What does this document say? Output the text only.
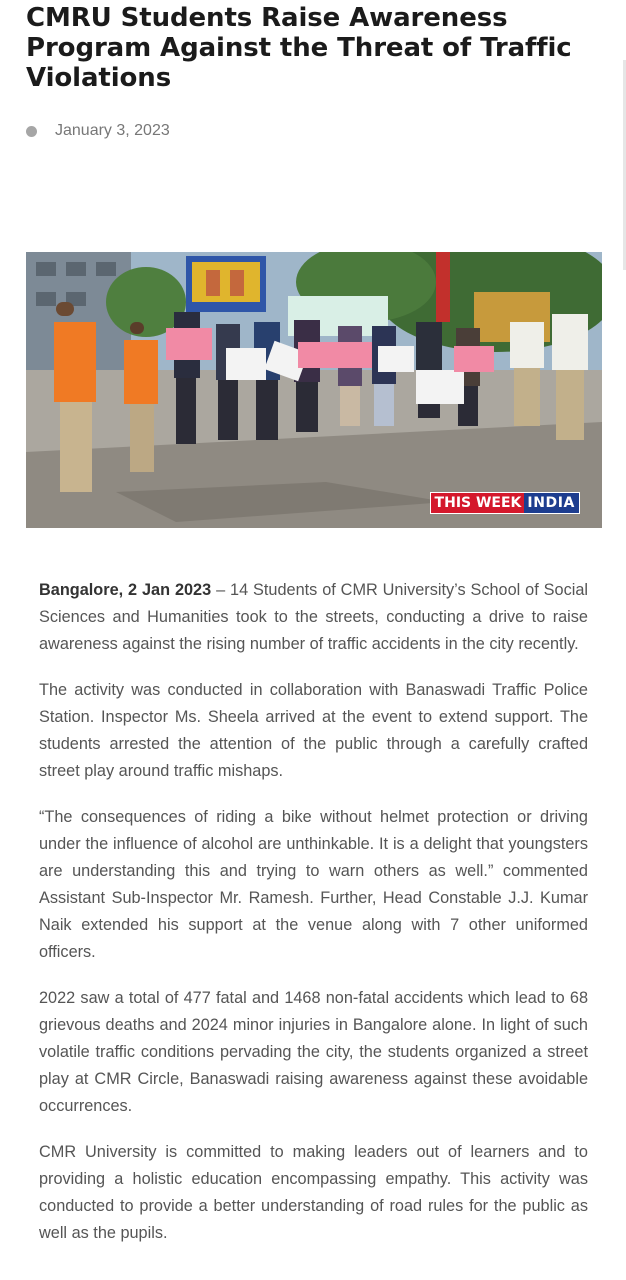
CMRU Students Raise Awareness Program Against the Threat of Traffic Violations
January 3, 2023
THIS WEEK INDIA

Bangalore, 2 Jan 2023 – 14 Students of CMR University’s School of Social Sciences and Humanities took to the streets, conducting a drive to raise awareness against the rising number of traffic accidents in the city recently.

The activity was conducted in collaboration with Banaswadi Traffic Police Station. Inspector Ms. Sheela arrived at the event to extend support. The students arrested the attention of the public through a carefully crafted street play around traffic mishaps.

“The consequences of riding a bike without helmet protection or driving under the influence of alcohol are unthinkable. It is a delight that youngsters are understanding this and trying to warn others as well.” commented Assistant Sub-Inspector Mr. Ramesh. Further, Head Constable J.J. Kumar Naik extended his support at the venue along with 7 other uniformed officers.

2022 saw a total of 477 fatal and 1468 non-fatal accidents which lead to 68 grievous deaths and 2024 minor injuries in Bangalore alone. In light of such volatile traffic conditions pervading the city, the students organized a street play at CMR Circle, Banaswadi raising awareness against these avoidable occurrences.

CMR University is committed to making leaders out of learners and to providing a holistic education encompassing empathy. This activity was conducted to provide a better understanding of road rules for the public as well as the pupils.
